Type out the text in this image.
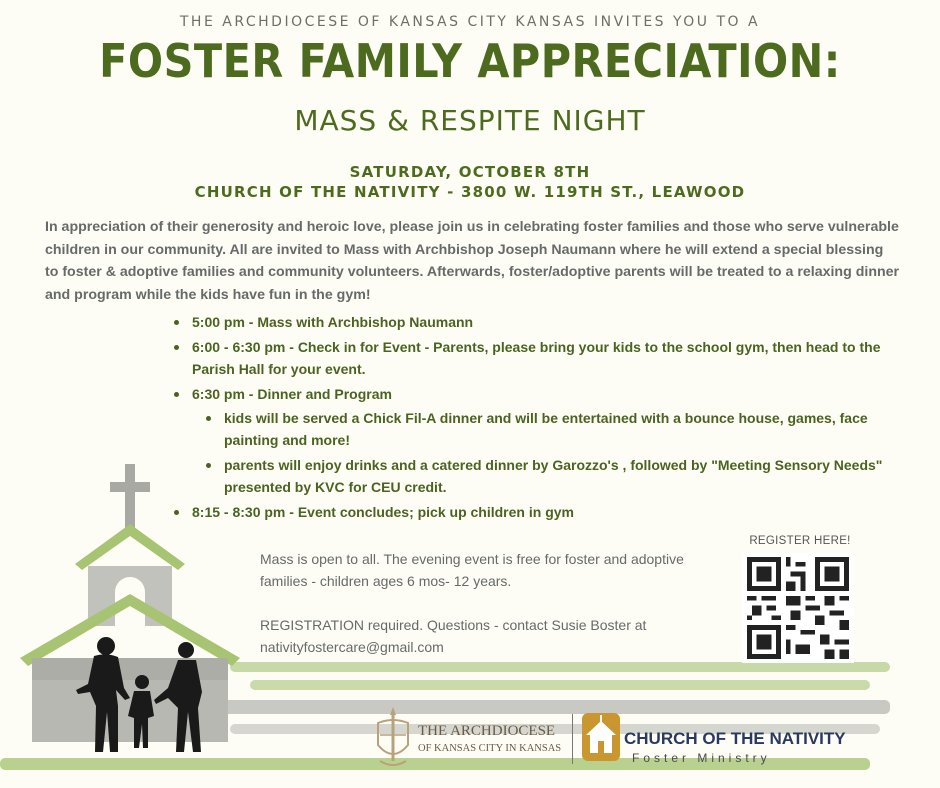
THE ARCHDIOCESE OF KANSAS CITY KANSAS INVITES YOU TO A
FOSTER FAMILY APPRECIATION:
MASS & RESPITE NIGHT
SATURDAY, OCTOBER 8TH
CHURCH OF THE NATIVITY - 3800 W. 119TH ST., LEAWOOD

In appreciation of their generosity and heroic love, please join us in celebrating foster families and those who serve vulnerable children in our community. All are invited to Mass with Archbishop Joseph Naumann where he will extend a special blessing to foster & adoptive families and community volunteers. Afterwards, foster/adoptive parents will be treated to a relaxing dinner and program while the kids have fun in the gym!

5:00 pm - Mass with Archbishop Naumann
6:00 - 6:30 pm - Check in for Event - Parents, please bring your kids to the school gym, then head to the Parish Hall for your event.
6:30 pm - Dinner and Program
kids will be served a Chick Fil-A dinner and will be entertained with a bounce house, games, face painting and more!
parents will enjoy drinks and a catered dinner by Garozzo's , followed by "Meeting Sensory Needs" presented by KVC for CEU credit.
8:15 - 8:30 pm - Event concludes; pick up children in gym

Mass is open to all. The evening event is free for foster and adoptive families - children ages 6 mos- 12 years.

REGISTRATION required. Questions - contact Susie Boster at nativityfostercare@gmail.com

REGISTER HERE!
THE ARCHDIOCESE
OF KANSAS CITY IN KANSAS
CHURCH OF THE NATIVITY
Foster Ministry
